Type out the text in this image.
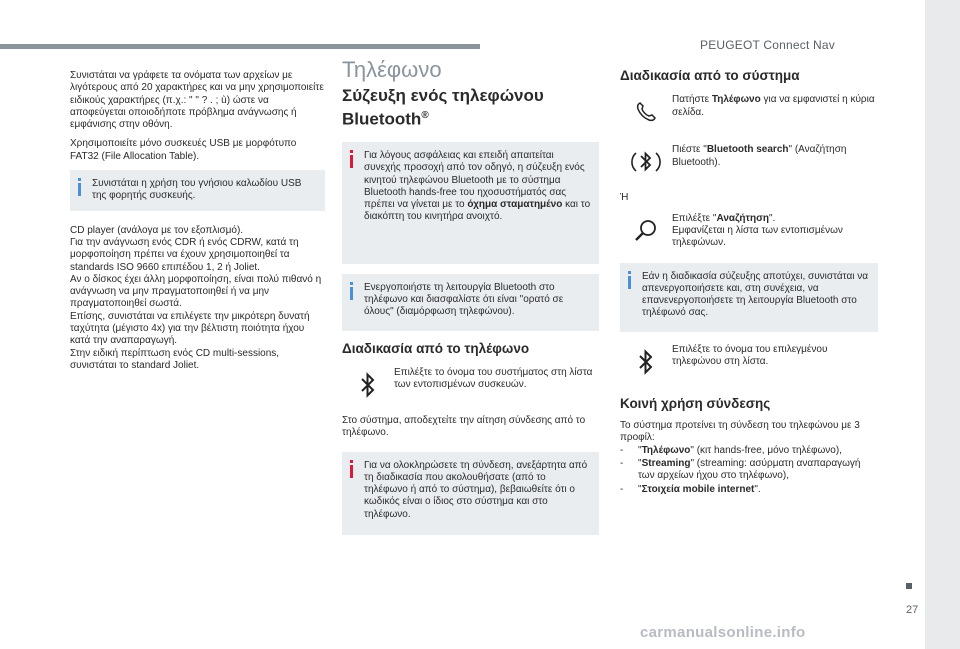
PEUGEOT Connect Nav

Συνιστάται να γράφετε τα ονόματα των αρχείων με λιγότερους από 20 χαρακτήρες και να μην χρησιμοποιείτε ειδικούς χαρακτήρες (π.χ.: " " ? . ; ù) ώστε να αποφεύγεται οποιοδήποτε πρόβλημα ανάγνωσης ή εμφάνισης στην οθόνη.

Χρησιμοποιείτε μόνο συσκευές USB με μορφότυπο FAT32 (File Allocation Table).

Συνιστάται η χρήση του γνήσιου καλωδίου USB της φορητής συσκευής.
CD player (ανάλογα με τον εξοπλισμό).
Για την ανάγνωση ενός CDR ή ενός CDRW, κατά τη μορφοποίηση πρέπει να έχουν χρησιμοποιηθεί τα standards ISO 9660 επιπέδου 1, 2 ή Joliet.
Αν ο δίσκος έχει άλλη μορφοποίηση, είναι πολύ πιθανό η ανάγνωση να μην πραγματοποιηθεί ή να μην πραγματοποιηθεί σωστά.
Επίσης, συνιστάται να επιλέγετε την μικρότερη δυνατή ταχύτητα (μέγιστο 4x) για την βέλτιστη ποιότητα ήχου κατά την αναπαραγωγή.
Στην ειδική περίπτωση ενός CD multi-sessions, συνιστάται το standard Joliet.
Τηλέφωνο
Σύζευξη ενός τηλεφώνου
Bluetooth®
Για λόγους ασφάλειας και επειδή απαιτείται συνεχής προσοχή από τον οδηγό, η σύζευξη ενός κινητού τηλεφώνου Bluetooth με το σύστημα Bluetooth hands-free του ηχοσυστήματός σας πρέπει να γίνεται με το όχημα σταματημένο και το διακόπτη του κινητήρα ανοιχτό.
Ενεργοποιήστε τη λειτουργία Bluetooth στο τηλέφωνο και διασφαλίστε ότι είναι "ορατό σε όλους" (διαμόρφωση τηλεφώνου).
Διαδικασία από το τηλέφωνο
Επιλέξτε το όνομα του συστήματος στη λίστα των εντοπισμένων συσκευών.

Στο σύστημα, αποδεχτείτε την αίτηση σύνδεσης από το τηλέφωνο.

Για να ολοκληρώσετε τη σύνδεση, ανεξάρτητα από τη διαδικασία που ακολουθήσατε (από το τηλέφωνο ή από το σύστημα), βεβαιωθείτε ότι ο κωδικός είναι ο ίδιος στο σύστημα και στο τηλέφωνο.
Διαδικασία από το σύστημα
Πατήστε Τηλέφωνο για να εμφανιστεί η κύρια σελίδα.
Πιέστε "Bluetooth search" (Αναζήτηση Bluetooth).
Ή
Επιλέξτε "Αναζήτηση".
Εμφανίζεται η λίστα των εντοπισμένων τηλεφώνων.
Εάν η διαδικασία σύζευξης αποτύχει, συνιστάται να απενεργοποιήσετε και, στη συνέχεια, να επανενεργοποιήσετε τη λειτουργία Bluetooth στο τηλέφωνό σας.
Επιλέξτε το όνομα του επιλεγμένου τηλεφώνου στη λίστα.
Κοινή χρήση σύνδεσης
Το σύστημα προτείνει τη σύνδεση του τηλεφώνου με 3 προφίλ:
- "Τηλέφωνο" (κιτ hands-free, μόνο τηλέφωνο),
- "Streaming" (streaming: ασύρματη αναπαραγωγή των αρχείων ήχου στο τηλέφωνο),
- "Στοιχεία mobile internet".
27
carmanualsonline.info
